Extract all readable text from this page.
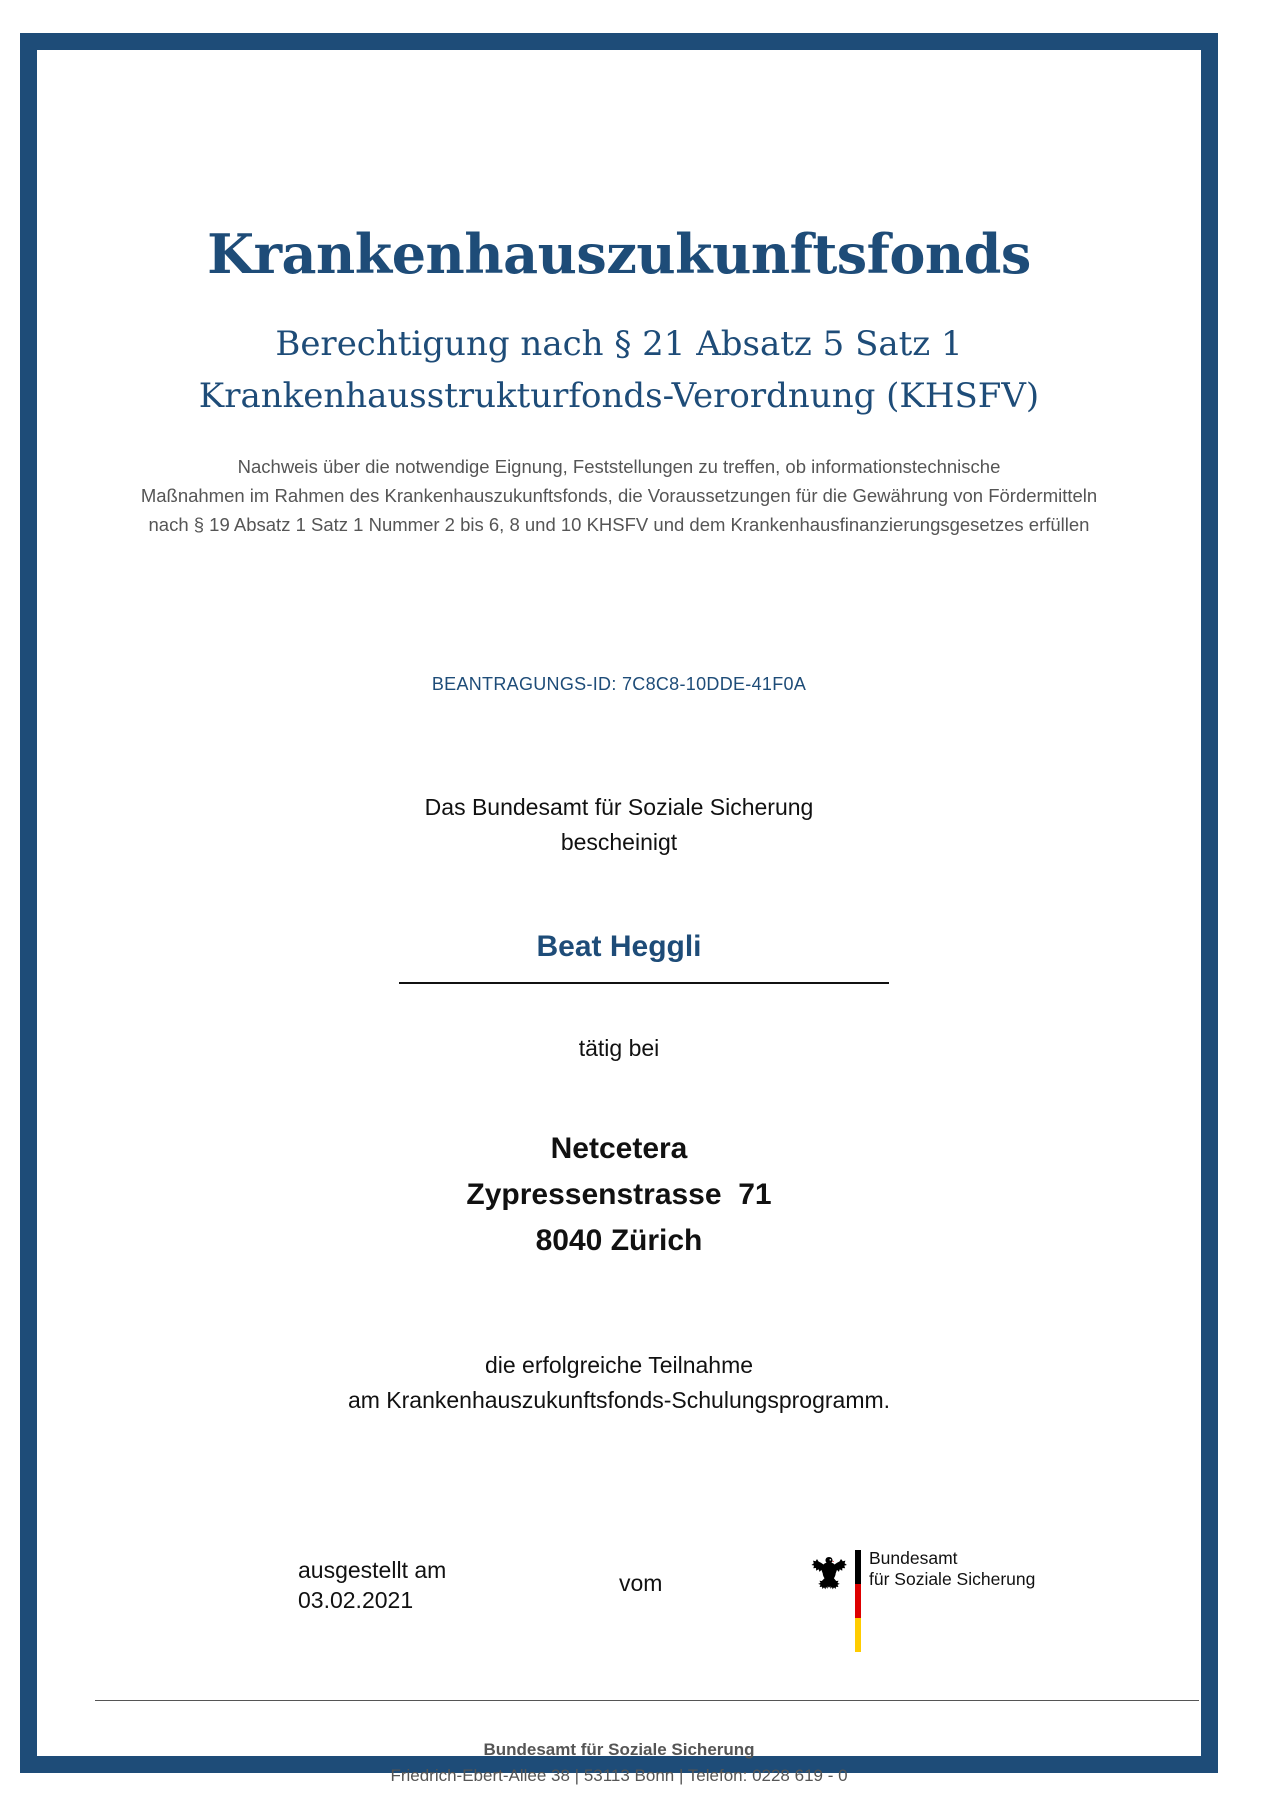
Krankenhauszukunftsfonds
Berechtigung nach § 21 Absatz 5 Satz 1
Krankenhausstrukturfonds-Verordnung (KHSFV)
Nachweis über die notwendige Eignung, Feststellungen zu treffen, ob informationstechnische
Maßnahmen im Rahmen des Krankenhauszukunftsfonds, die Voraussetzungen für die Gewährung von Fördermitteln
nach § 19 Absatz 1 Satz 1 Nummer 2 bis 6, 8 und 10 KHSFV und dem Krankenhausfinanzierungsgesetzes erfüllen
BEANTRAGUNGS-ID: 7C8C8-10DDE-41F0A
Das Bundesamt für Soziale Sicherung
bescheinigt
Beat Heggli
tätig bei
Netcetera
Zypressenstrasse  71
8040 Zürich
die erfolgreiche Teilnahme
am Krankenhauszukunftsfonds-Schulungsprogramm.
ausgestellt am
03.02.2021
vom
Bundesamt
für Soziale Sicherung
Bundesamt für Soziale Sicherung
Friedrich-Ebert-Allee 38 | 53113 Bonn | Telefon: 0228 619 - 0
